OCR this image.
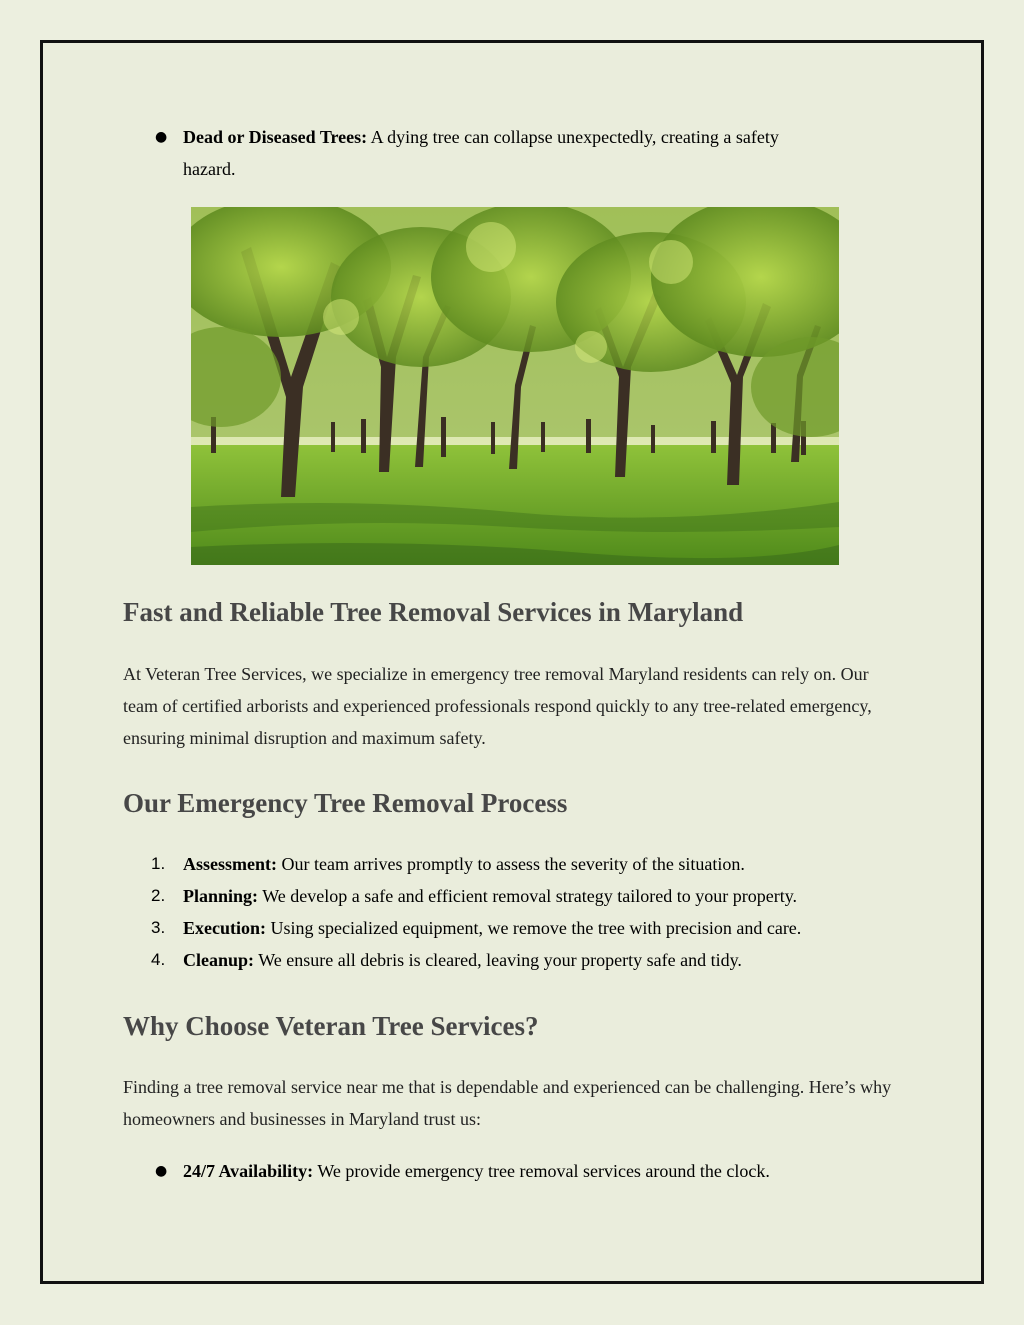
● Dead or Diseased Trees: A dying tree can collapse unexpectedly, creating a safety hazard.
Fast and Reliable Tree Removal Services in Maryland

At Veteran Tree Services, we specialize in emergency tree removal Maryland residents can rely on. Our team of certified arborists and experienced professionals respond quickly to any tree-related emergency, ensuring minimal disruption and maximum safety.

Our Emergency Tree Removal Process
1. Assessment: Our team arrives promptly to assess the severity of the situation.
2. Planning: We develop a safe and efficient removal strategy tailored to your property.
3. Execution: Using specialized equipment, we remove the tree with precision and care.
4. Cleanup: We ensure all debris is cleared, leaving your property safe and tidy.
Why Choose Veteran Tree Services?

Finding a tree removal service near me that is dependable and experienced can be challenging. Here’s why homeowners and businesses in Maryland trust us:

● 24/7 Availability: We provide emergency tree removal services around the clock.
